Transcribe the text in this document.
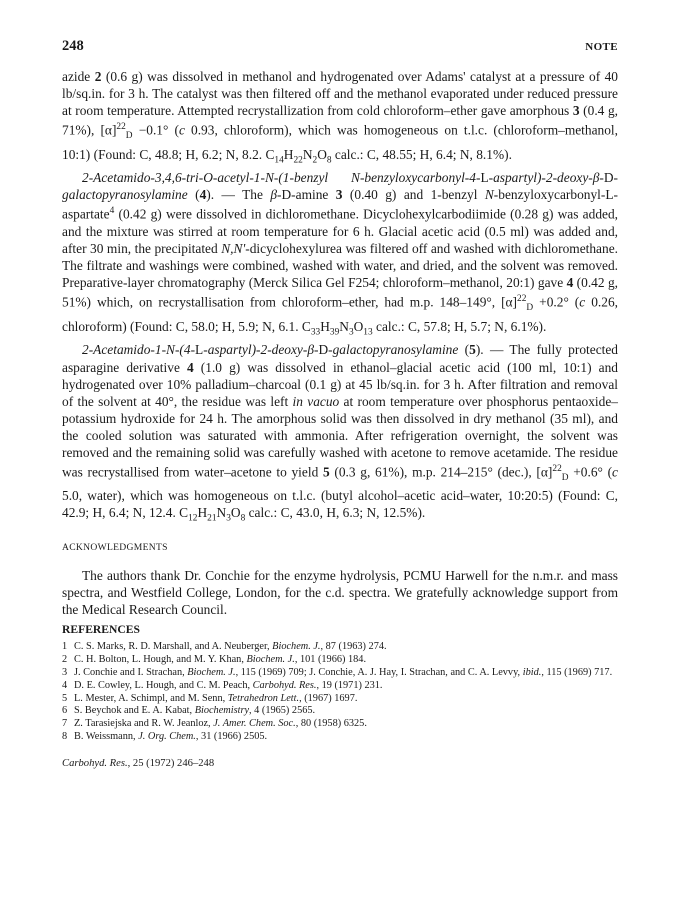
248	NOTE

azide 2 (0.6 g) was dissolved in methanol and hydrogenated over Adams' catalyst at a pressure of 40 lb/sq.in. for 3 h. The catalyst was then filtered off and the methanol evaporated under reduced pressure at room temperature. Attempted recrystallization from cold chloroform–ether gave amorphous 3 (0.4 g, 71%), $[\alpha]^{22}_D -0.1^\circ$ (c 0.93, chloroform), which was homogeneous on t.l.c. (chloroform–methanol, 10:1) (Found: C, 48.8; H, 6.2; N, 8.2. $C_{14}H_{22}N_2O_8$ calc.: C, 48.55; H, 6.4; N, 8.1%).

2-Acetamido-3,4,6-tri-O-acetyl-1-N-(1-benzyl N-benzyloxycarbonyl-4-L-aspartyl)-2-deoxy-β-D-galactopyranosylamine (4). — The β-D-amine 3 (0.40 g) and 1-benzyl N-benzyloxycarbonyl-L-aspartate$^4$ (0.42 g) were dissolved in dichloromethane. Dicyclohexylcarbodiimide (0.28 g) was added, and the mixture was stirred at room temperature for 6 h. Glacial acetic acid (0.5 ml) was added and, after 30 min, the precipitated N,N'-dicyclohexylurea was filtered off and washed with dichloromethane. The filtrate and washings were combined, washed with water, and dried, and the solvent was removed. Preparative-layer chromatography (Merck Silica Gel F254; chloroform–methanol, 20:1) gave 4 (0.42 g, 51%) which, on recrystallisation from chloroform–ether, had m.p. 148–149°, $[\alpha]^{22}_D +0.2^\circ$ (c 0.26, chloroform) (Found: C, 58.0; H, 5.9; N, 6.1. $C_{33}H_{39}N_3O_{13}$ calc.: C, 57.8; H, 5.7; N, 6.1%).

2-Acetamido-1-N-(4-L-aspartyl)-2-deoxy-β-D-galactopyranosylamine (5). — The fully protected asparagine derivative 4 (1.0 g) was dissolved in ethanol–glacial acetic acid (100 ml, 10:1) and hydrogenated over 10% palladium–charcoal (0.1 g) at 45 lb/sq.in. for 3 h. After filtration and removal of the solvent at 40°, the residue was left in vacuo at room temperature over phosphorus pentaoxide–potassium hydroxide for 24 h. The amorphous solid was then dissolved in dry methanol (35 ml), and the cooled solution was saturated with ammonia. After refrigeration overnight, the solvent was removed and the remaining solid was carefully washed with acetone to remove acetamide. The residue was recrystallised from water–acetone to yield 5 (0.3 g, 61%), m.p. 214–215° (dec.), $[\alpha]^{22}_D +0.6^\circ$ (c 5.0, water), which was homogeneous on t.l.c. (butyl alcohol–acetic acid–water, 10:20:5) (Found: C, 42.9; H, 6.4; N, 12.4. $C_{12}H_{21}N_3O_8$ calc.: C, 43.0, H, 6.3; N, 12.5%).

ACKNOWLEDGMENTS
The authors thank Dr. Conchie for the enzyme hydrolysis, PCMU Harwell for the n.m.r. and mass spectra, and Westfield College, London, for the c.d. spectra. We gratefully acknowledge support from the Medical Research Council.
REFERENCES
1 C. S. Marks, R. D. Marshall, and A. Neuberger, Biochem. J., 87 (1963) 274.
2 C. H. Bolton, L. Hough, and M. Y. Khan, Biochem. J., 101 (1966) 184.
3 J. Conchie and I. Strachan, Biochem. J., 115 (1969) 709; J. Conchie, A. J. Hay, I. Strachan, and C. A. Levvy, ibid., 115 (1969) 717.
4 D. E. Cowley, L. Hough, and C. M. Peach, Carbohyd. Res., 19 (1971) 231.
5 L. Mester, A. Schimpl, and M. Senn, Tetrahedron Lett., (1967) 1697.
6 S. Beychok and E. A. Kabat, Biochemistry, 4 (1965) 2565.
7 Z. Tarasiejska and R. W. Jeanloz, J. Amer. Chem. Soc., 80 (1958) 6325.
8 B. Weissmann, J. Org. Chem., 31 (1966) 2505.
Carbohyd. Res., 25 (1972) 246–248
